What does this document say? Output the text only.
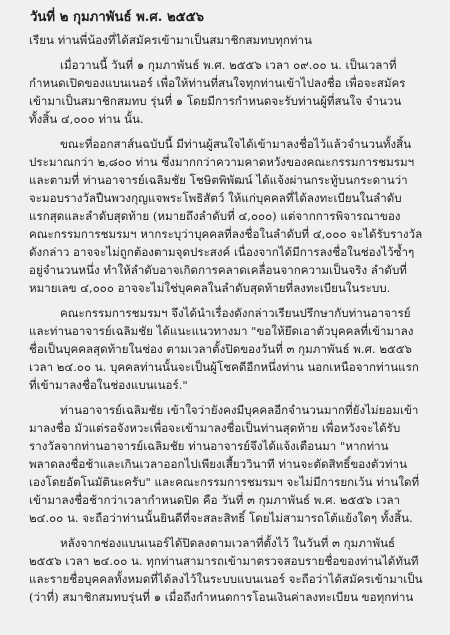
วันที่ ๒ กุมภาพันธ์ พ.ศ. ๒๕๕๖
เรียน ท่านพี่น้องที่ได้สมัครเข้ามาเป็นสมาชิกสมทบทุกท่าน
เมื่อวานนี้ วันที่ ๑ กุมภาพันธ์ พ.ศ. ๒๕๕๖ เวลา ๐๙.๐๐ น. เป็นเวลาที่
กำหนดเปิดของแบนเนอร์ เพื่อให้ท่านที่สนใจทุกท่านเข้าไปลงชื่อ เพื่อจะสมัคร
เข้ามาเป็นสมาชิกสมทบ รุ่นที่ ๑ โดยมีการกำหนดจะรับท่านผู้ที่สนใจ จำนวน
ทั้งสิ้น ๔,๐๐๐ ท่าน นั้น.
ขณะที่ออกสาส์นฉบับนี้ มีท่านผู้สนใจได้เข้ามาลงชื่อไว้แล้วจำนวนทั้งสิ้น
ประมาณกว่า ๒,๘๐๐ ท่าน ซึ่งมากกว่าความคาดหวังของคณะกรรมการชมรมฯ
และตามที่ ท่านอาจารย์เฉลิมชัย โชษิตพิพัฒน์ ได้แจ้งผ่านกระทู้บนกระดานว่า
จะมอบรางวัลปืนพวงกุญแจพระโพธิสัตว์ ให้แก่บุคคลที่ได้ลงทะเบียนในลำดับ
แรกสุดและลำดับสุดท้าย (หมายถึงลำดับที่ ๔,๐๐๐) แต่จากการพิจารณาของ
คณะกรรมการชมรมฯ หากระบุว่าบุคคลที่ลงชื่อในลำดับที่ ๔,๐๐๐ จะได้รับรางวัล
ดังกล่าว อาจจะไม่ถูกต้องตามจุดประสงค์ เนื่องจากได้มีการลงชื่อในช่องไว้ซ้ำๆ
อยู่จำนวนหนึ่ง ทำให้ลำดับอาจเกิดการคลาดเคลื่อนจากความเป็นจริง ลำดับที่
หมายเลข ๔,๐๐๐ อาจจะไม่ใช่บุคคลในลำดับสุดท้ายที่ลงทะเบียนในระบบ.
คณะกรรมการชมรมฯ จึงได้นำเรื่องดังกล่าวเรียนปรึกษากับท่านอาจารย์
และท่านอาจารย์เฉลิมชัย ได้แนะแนวทางมา "ขอให้ยึดเอาตัวบุคคลที่เข้ามาลง
ชื่อเป็นบุคคลสุดท้ายในช่อง ตามเวลาตั้งปิดของวันที่ ๓ กุมภาพันธ์ พ.ศ. ๒๕๕๖
เวลา ๒๔.๐๐ น. บุคคลท่านนั้นจะเป็นผู้โชคดีอีกหนึ่งท่าน นอกเหนือจากท่านแรก
ที่เข้ามาลงชื่อในช่องแบนเนอร์."
ท่านอาจารย์เฉลิมชัย เข้าใจว่ายังคงมีบุคคลอีกจำนวนมากที่ยังไม่ยอมเข้า
มาลงชื่อ มัวแต่รอจังหวะเพื่อจะเข้ามาลงชื่อเป็นท่านสุดท้าย เพื่อหวังจะได้รับ
รางวัลจากท่านอาจารย์เฉลิมชัย ท่านอาจารย์จึงได้แจ้งเตือนมา "หากท่าน
พลาดลงชื่อช้าและเกินเวลาออกไปเพียงเสี้ยววินาที ท่านจะตัดสิทธิ์ของตัวท่าน
เองโดยอัตโนมัตินะครับ" และคณะกรรมการชมรมฯ จะไม่มีการยกเว้น ท่านใดที่
เข้ามาลงชื่อช้ากว่าเวลากำหนดปิด คือ วันที่ ๓ กุมภาพันธ์ พ.ศ. ๒๕๕๖ เวลา
๒๔.๐๐ น. จะถือว่าท่านนั้นยินดีที่จะสละสิทธิ์ โดยไม่สามารถโต้แย้งใดๆ ทั้งสิ้น.
หลังจากช่องแบนเนอร์ได้ปิดลงตามเวลาที่ตั้งไว้ ในวันที่ ๓ กุมภาพันธ์
๒๕๕๖ เวลา ๒๔.๐๐ น. ทุกท่านสามารถเข้ามาตรวจสอบรายชื่อของท่านได้ทันที
และรายชื่อบุคคลทั้งหมดที่ได้ลงไว้ในระบบแบนเนอร์ จะถือว่าได้สมัครเข้ามาเป็น
(ว่าที่) สมาชิกสมทบรุ่นที่ ๑ เมื่อถึงกำหนดการโอนเงินค่าลงทะเบียน ขอทุกท่าน
